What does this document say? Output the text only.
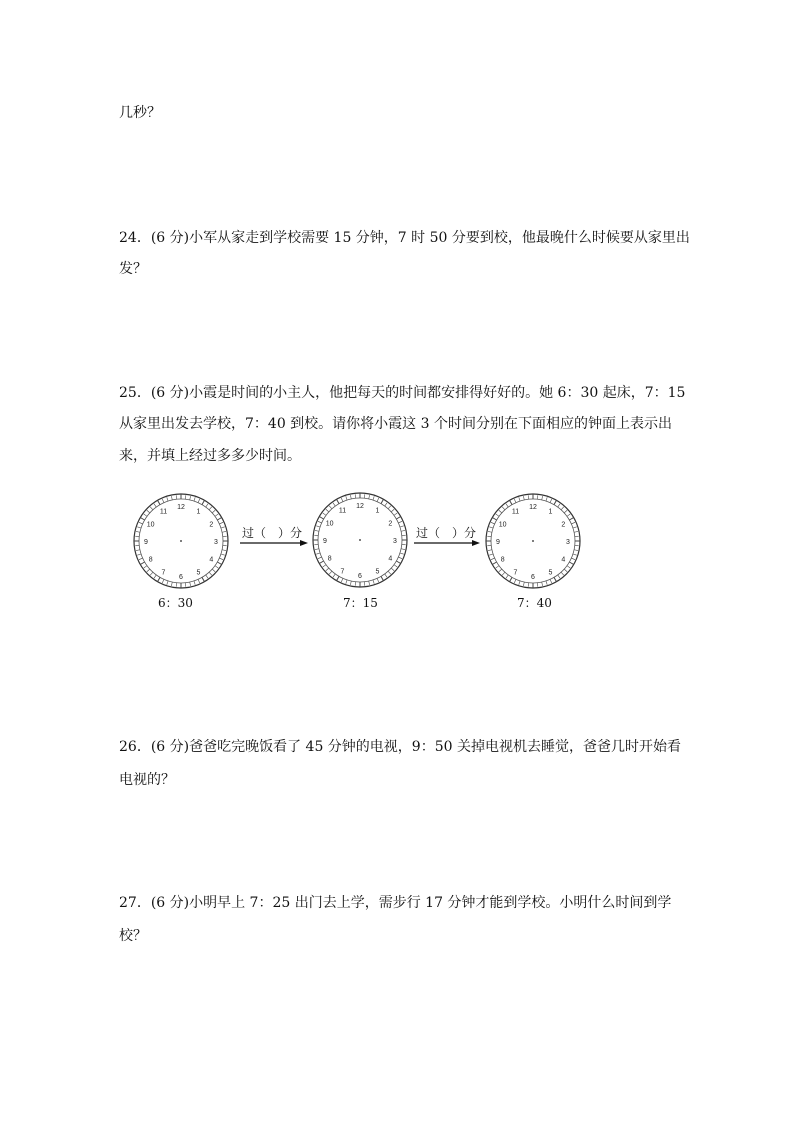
几秒？
24．(6 分)小军从家走到学校需要 15 分钟，7 时 50 分要到校，他最晚什么时候要从家里出
发？
25．(6 分)小霞是时间的小主人，他把每天的时间都安排得好好的。她 6：30 起床，7：15
从家里出发去学校，7：40 到校。请你将小霞这 3 个时间分别在下面相应的钟面上表示出
来，并填上经过多多少时间。
12
1
2
3
4
5
6
7
8
9
10
11
12
1
2
3
4
5
6
7
8
9
10
11
12
1
2
3
4
5
6
7
8
9
10
11
过（　）分	过（　）分
6：30	7：15	7：40
26．(6 分)爸爸吃完晚饭看了 45 分钟的电视，9：50 关掉电视机去睡觉，爸爸几时开始看
电视的？
27．(6 分)小明早上 7：25 出门去上学，需步行 17 分钟才能到学校。小明什么时间到学
校？
